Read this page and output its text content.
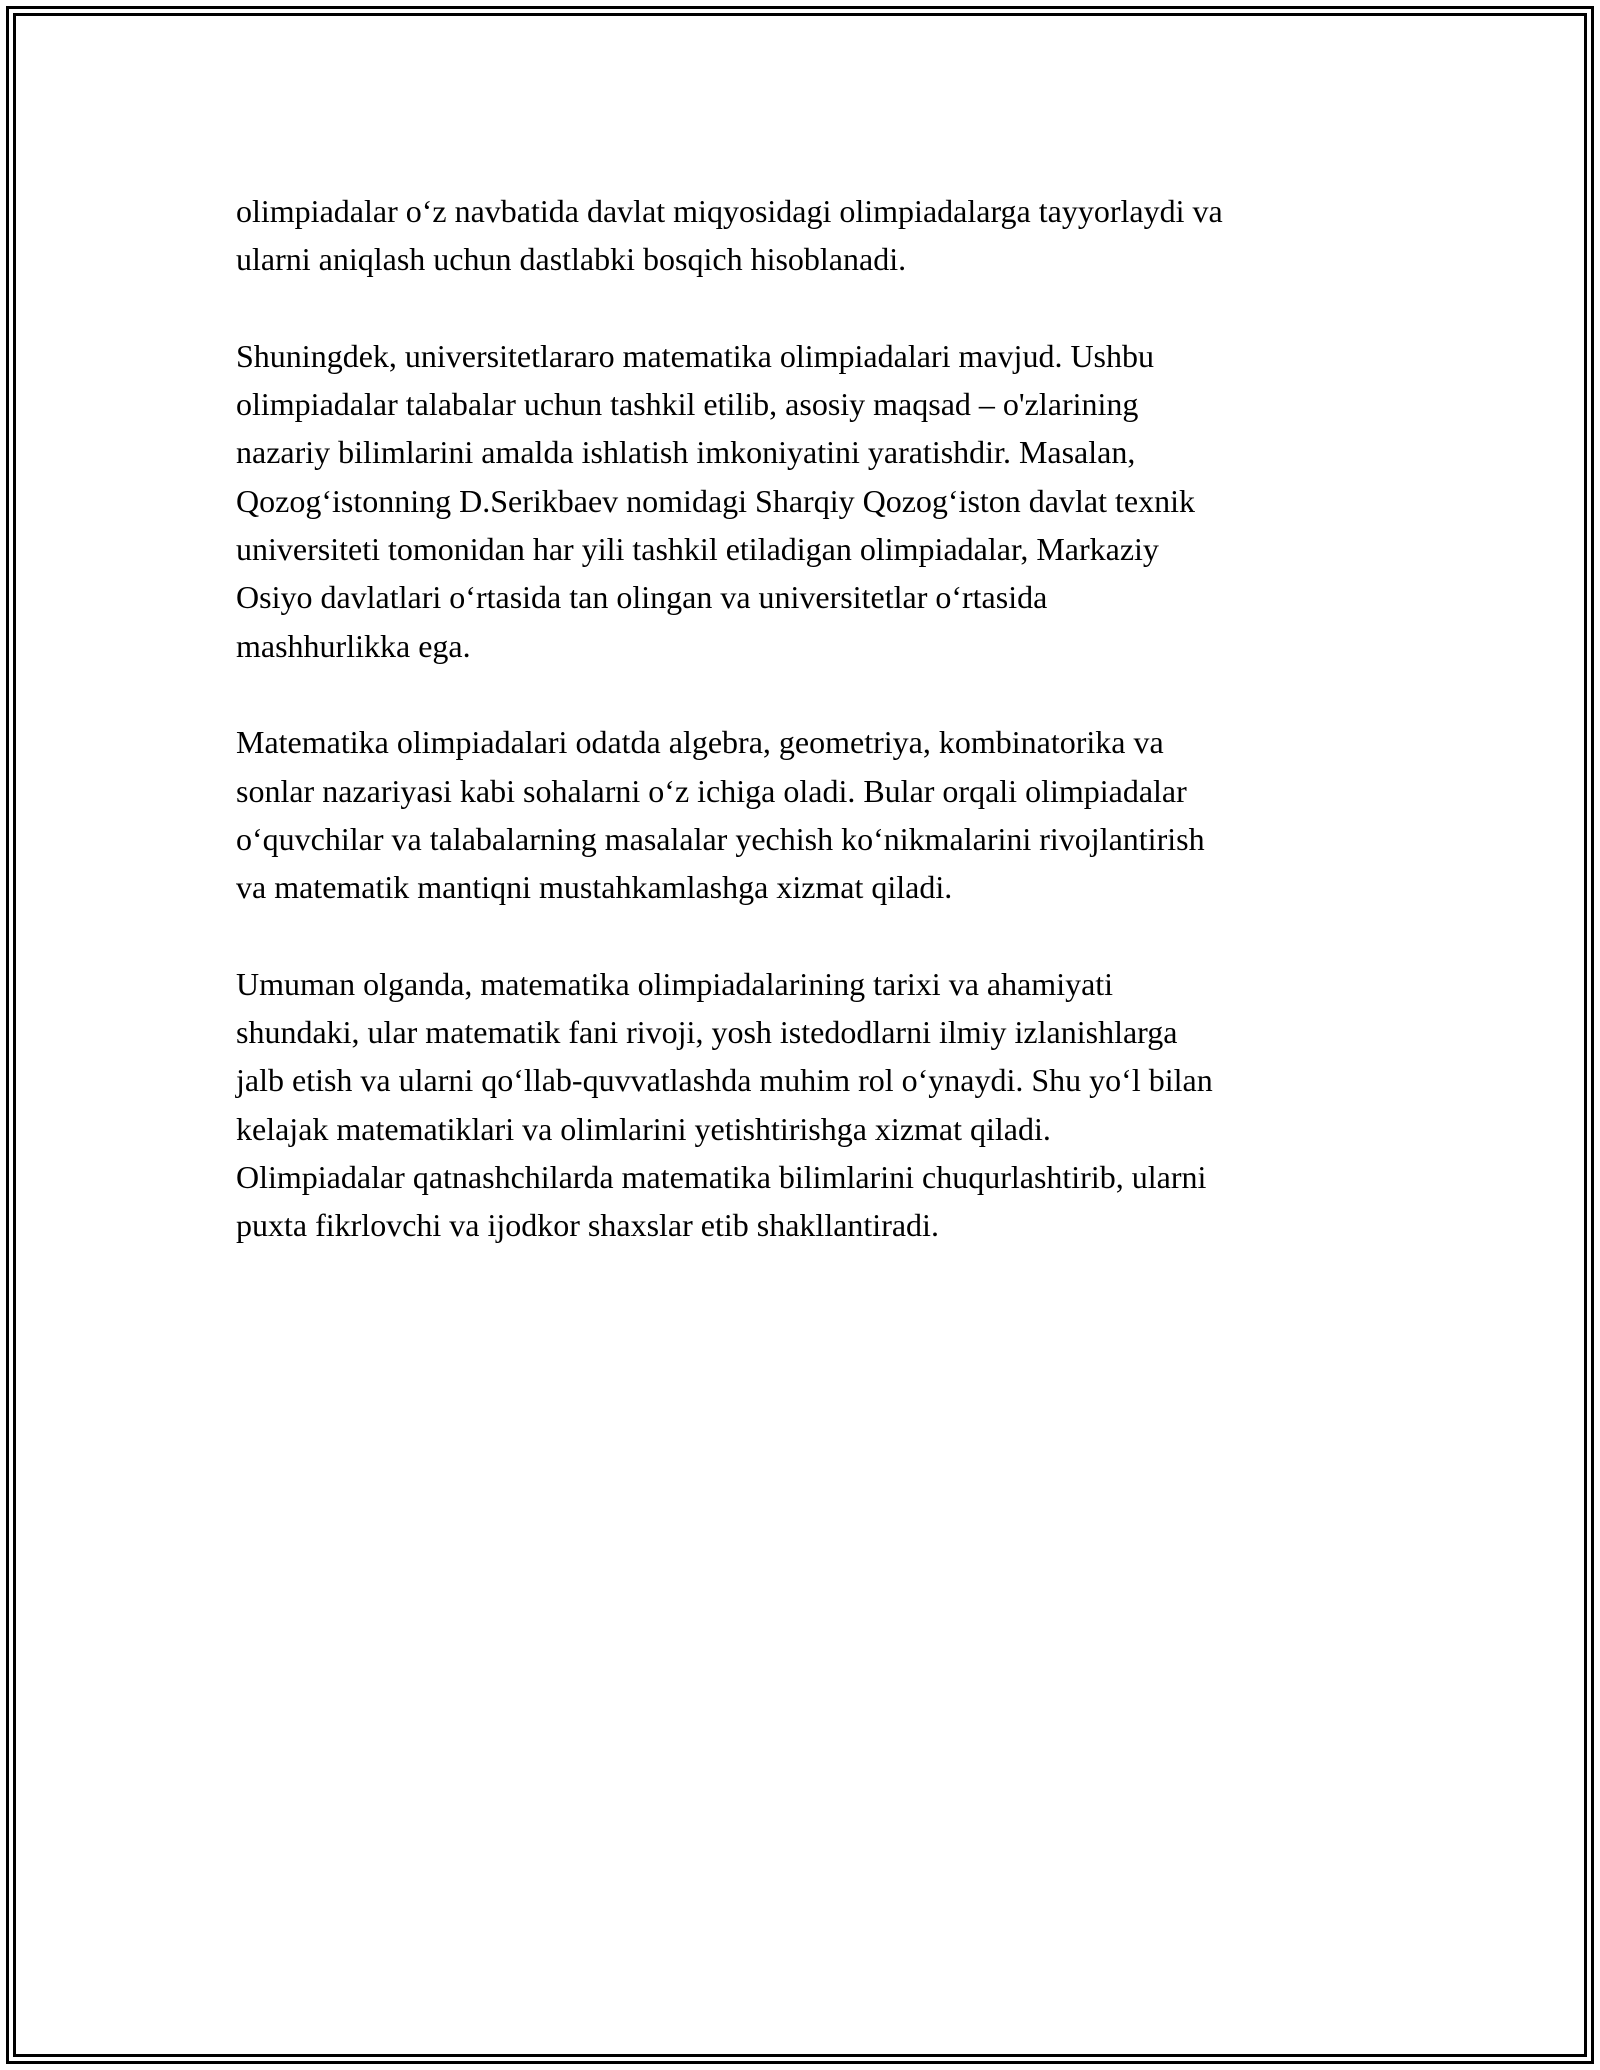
olimpiadalar o‘z navbatida davlat miqyosidagi olimpiadalarga tayyorlaydi va
ularni aniqlash uchun dastlabki bosqich hisoblanadi.

Shuningdek, universitetlararo matematika olimpiadalari mavjud. Ushbu
olimpiadalar talabalar uchun tashkil etilib, asosiy maqsad – o'zlarining
nazariy bilimlarini amalda ishlatish imkoniyatini yaratishdir. Masalan,
Qozog‘istonning D.Serikbaev nomidagi Sharqiy Qozog‘iston davlat texnik
universiteti tomonidan har yili tashkil etiladigan olimpiadalar, Markaziy
Osiyo davlatlari o‘rtasida tan olingan va universitetlar o‘rtasida
mashhurlikka ega.

Matematika olimpiadalari odatda algebra, geometriya, kombinatorika va
sonlar nazariyasi kabi sohalarni o‘z ichiga oladi. Bular orqali olimpiadalar
o‘quvchilar va talabalarning masalalar yechish ko‘nikmalarini rivojlantirish
va matematik mantiqni mustahkamlashga xizmat qiladi.

Umuman olganda, matematika olimpiadalarining tarixi va ahamiyati
shundaki, ular matematik fani rivoji, yosh istedodlarni ilmiy izlanishlarga
jalb etish va ularni qo‘llab-quvvatlashda muhim rol o‘ynaydi. Shu yo‘l bilan
kelajak matematiklari va olimlarini yetishtirishga xizmat qiladi.
Olimpiadalar qatnashchilarda matematika bilimlarini chuqurlashtirib, ularni
puxta fikrlovchi va ijodkor shaxslar etib shakllantiradi.
